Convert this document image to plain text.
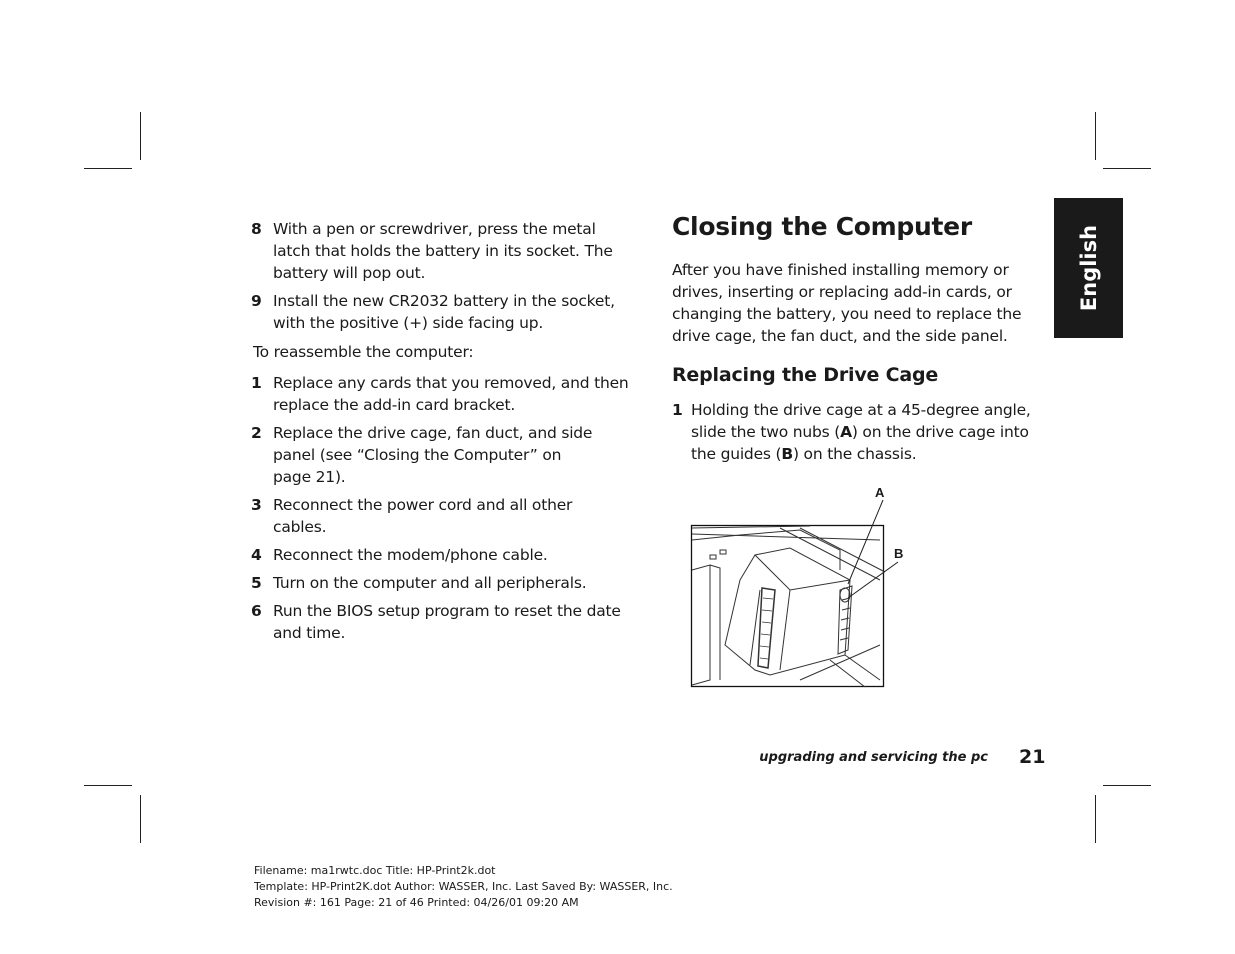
8 With a pen or screwdriver, press the metal
latch that holds the battery in its socket. The
battery will pop out.
9 Install the new CR2032 battery in the socket,
with the positive (+) side facing up.
To reassemble the computer:
1 Replace any cards that you removed, and then
replace the add-in card bracket.
2 Replace the drive cage, fan duct, and side
panel (see “Closing the Computer” on
page 21).
3 Reconnect the power cord and all other
cables.
4 Reconnect the modem/phone cable.
5 Turn on the computer and all peripherals.
6 Run the BIOS setup program to reset the date
and time.
Closing the Computer
After you have finished installing memory or
drives, inserting or replacing add-in cards, or
changing the battery, you need to replace the
drive cage, the fan duct, and the side panel.
Replacing the Drive Cage
1 Holding the drive cage at a 45-degree angle,
slide the two nubs (A) on the drive cage into
the guides (B) on the chassis.
A
B
English
upgrading and servicing the pc 21
Filename: ma1rwtc.doc Title: HP-Print2k.dot
Template: HP-Print2K.dot Author: WASSER, Inc. Last Saved By: WASSER, Inc.
Revision #: 161 Page: 21 of 46 Printed: 04/26/01 09:20 AM
